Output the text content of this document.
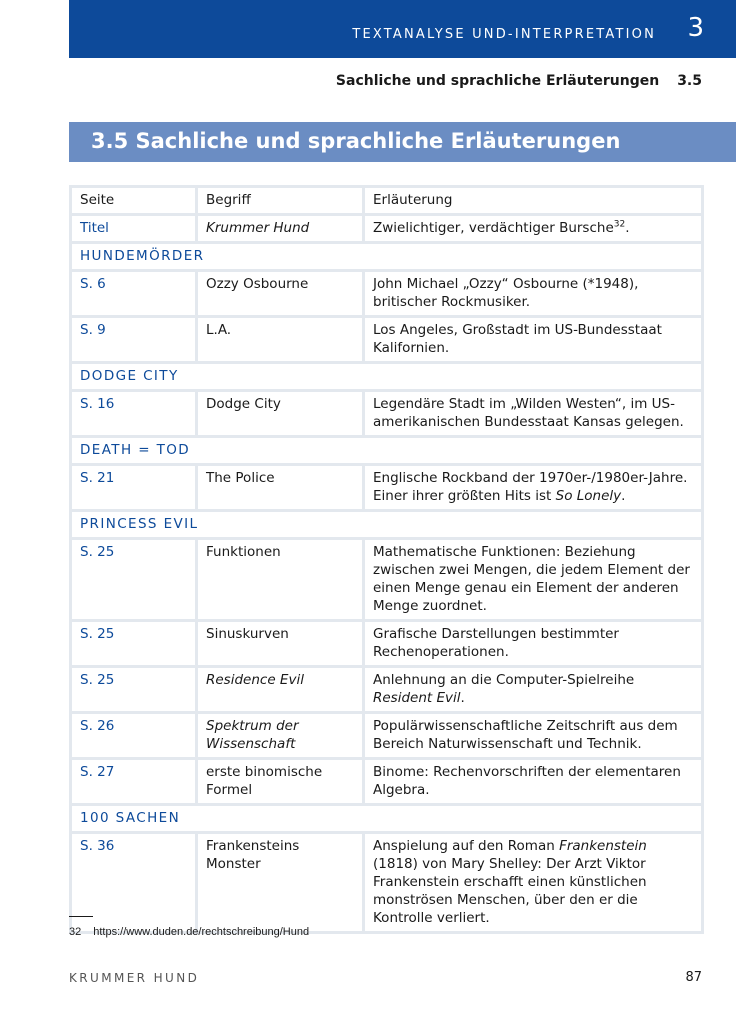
TEXTANALYSE UND-INTERPRETATION 3
Sachliche und sprachliche Erläuterungen 3.5
3.5 Sachliche und sprachliche Erläuterungen
Seite	Begriff	Erläuterung
Titel	Krummer Hund	Zwielichtiger, verdächtiger Bursche$^{32}$.
HUNDEMÖRDER		
S. 6	Ozzy Osbourne	John Michael „Ozzy“ Osbourne (*1948), britischer Rockmusiker.
S. 9	L.A.	Los Angeles, Großstadt im US-Bundesstaat Kalifornien.
DODGE CITY		
S. 16	Dodge City	Legendäre Stadt im „Wilden Westen“, im US-amerikanischen Bundesstaat Kansas gelegen.
DEATH = TOD		
S. 21	The Police	Englische Rockband der 1970er-/1980er-Jahre. Einer ihrer größten Hits ist So Lonely.
PRINCESS EVIL		
S. 25	Funktionen	Mathematische Funktionen: Beziehung zwischen zwei Mengen, die jedem Element der einen Menge genau ein Element der anderen Menge zuordnet.
S. 25	Sinuskurven	Grafische Darstellungen bestimmter Rechenoperationen.
S. 25	Residence Evil	Anlehnung an die Computer-Spielreihe Resident Evil.
S. 26	Spektrum der Wissenschaft	Populärwissenschaftliche Zeitschrift aus dem Bereich Naturwissenschaft und Technik.
S. 27	erste binomische Formel	Binome: Rechenvorschriften der elementaren Algebra.
100 SACHEN		
S. 36	Frankensteins Monster	Anspielung auf den Roman Frankenstein (1818) von Mary Shelley: Der Arzt Viktor Frankenstein erschafft einen künstlichen monströsen Menschen, über den er die Kontrolle verliert.
32 https://www.duden.de/rechtschreibung/Hund
KRUMMER HUND	87
